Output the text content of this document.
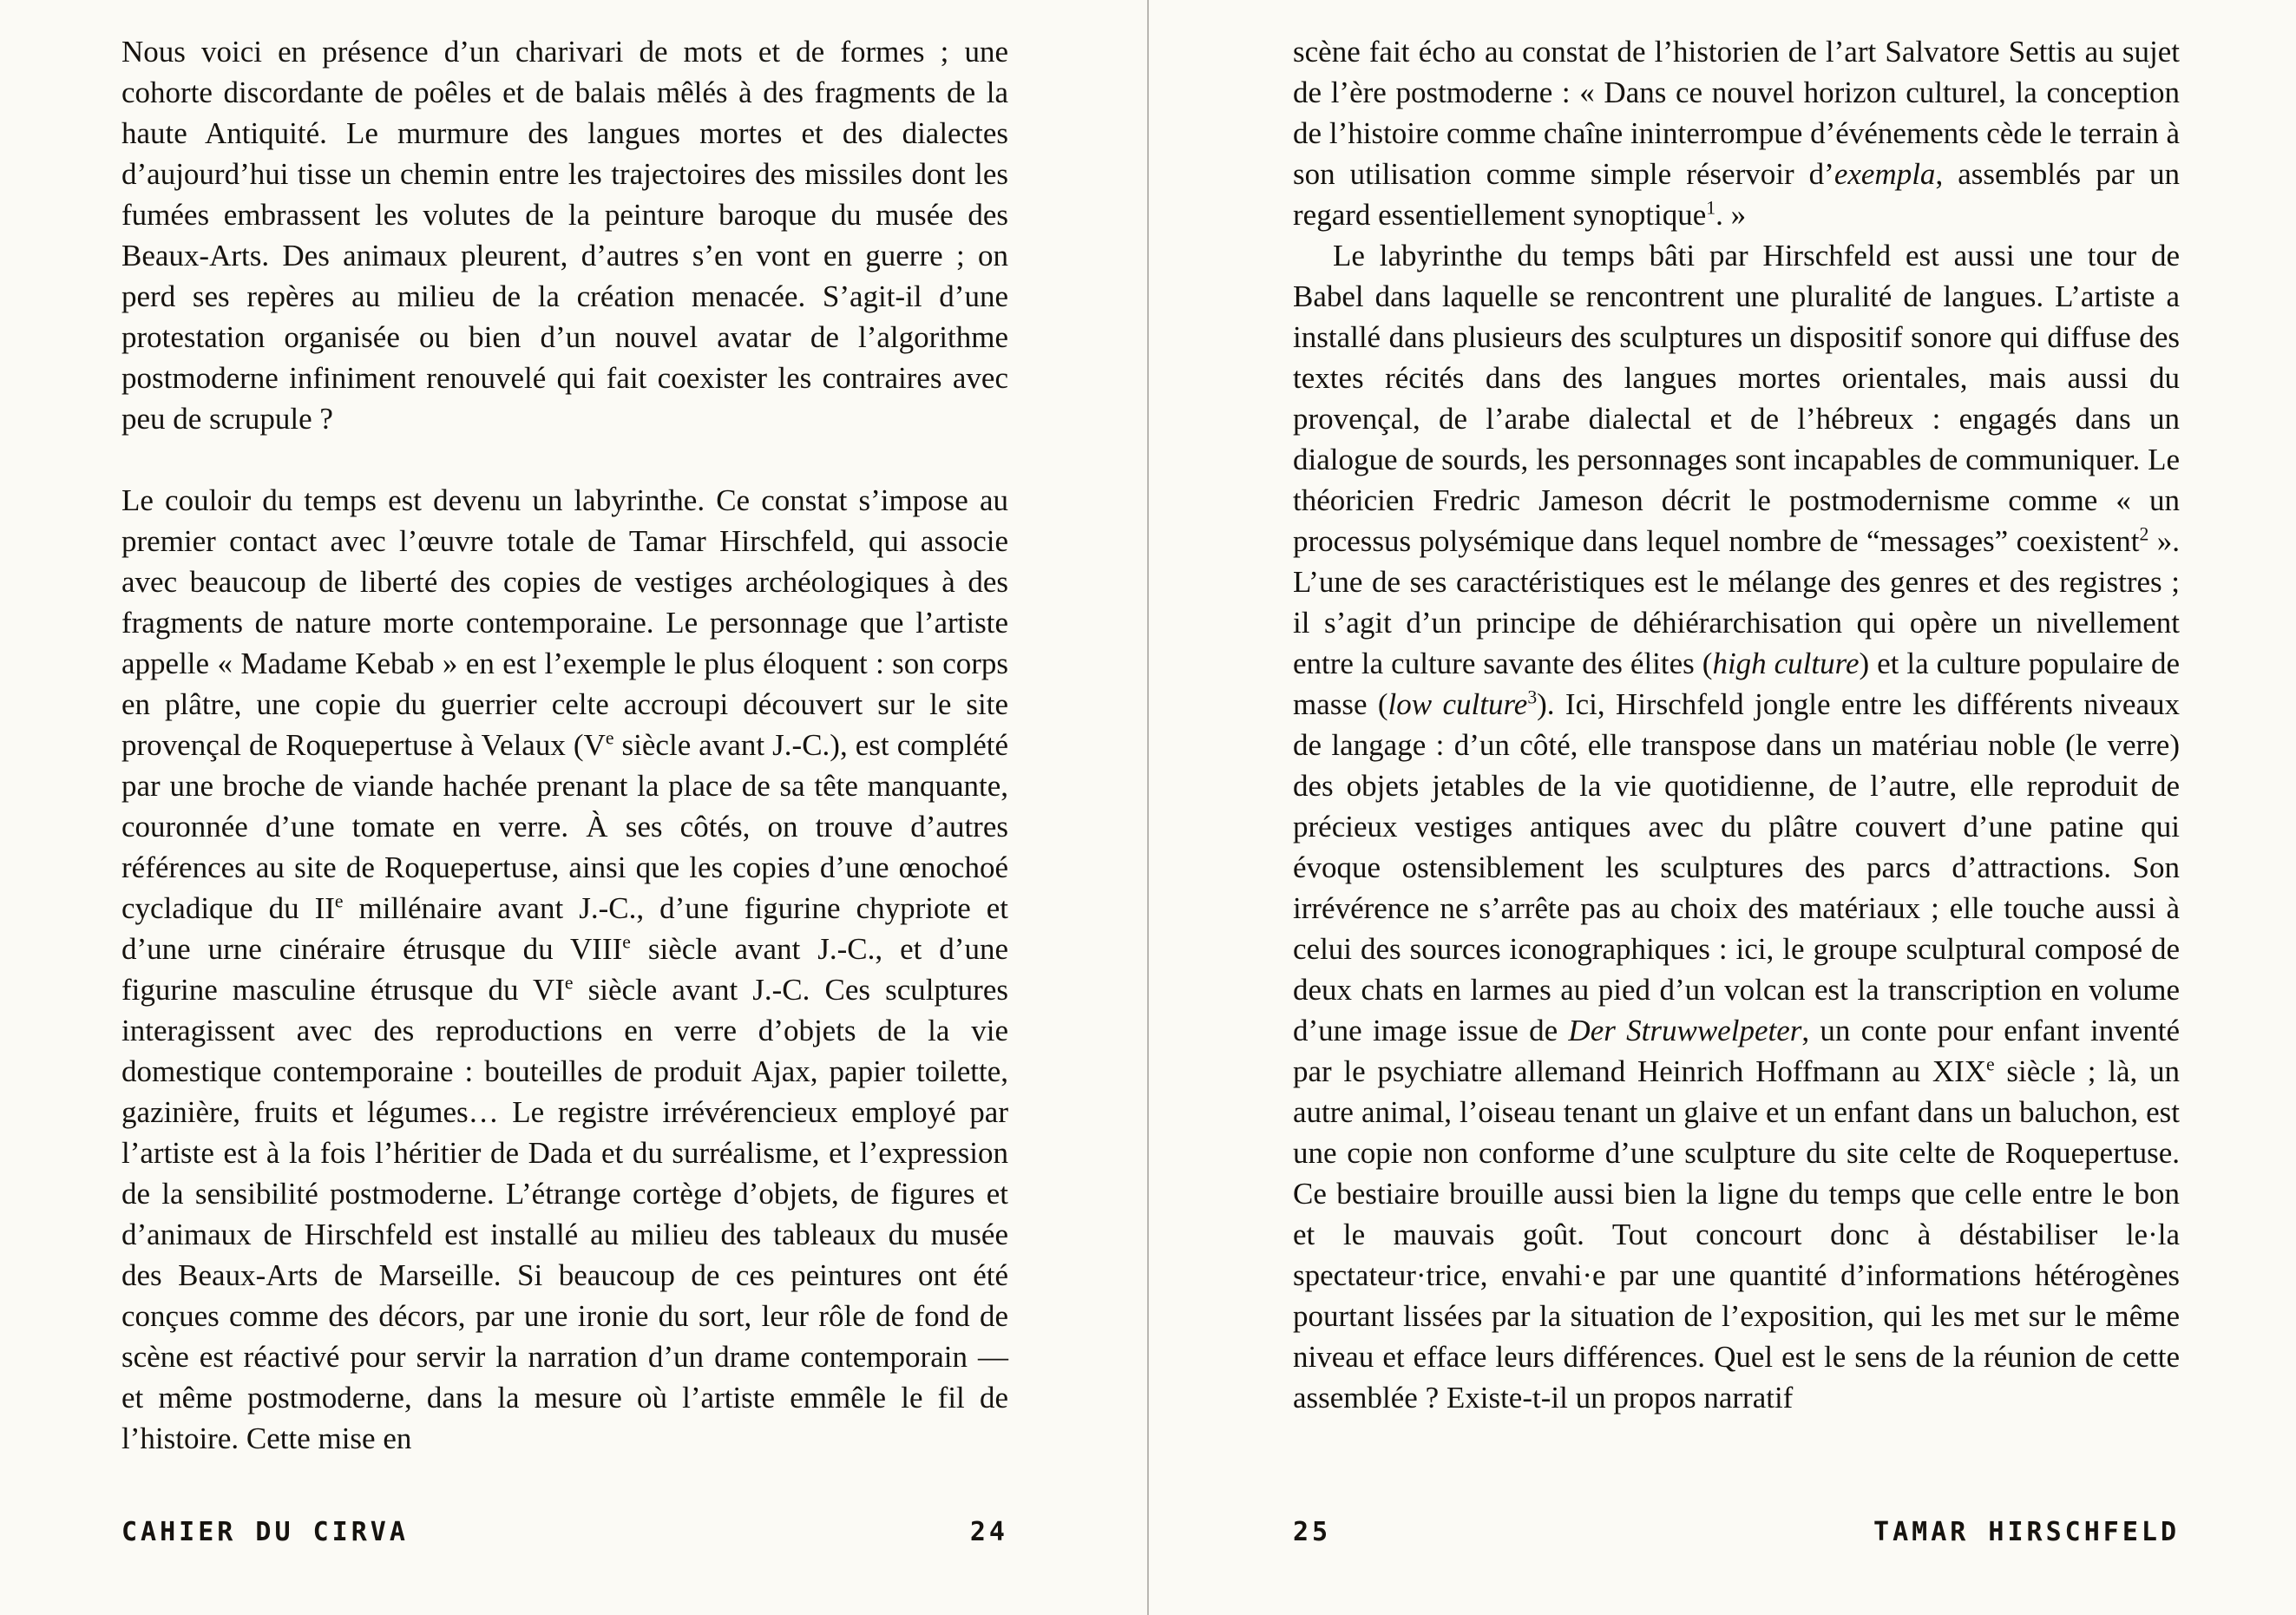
Nous voici en présence d’un charivari de mots et de formes ; une cohorte discordante de poêles et de balais mêlés à des fragments de la haute Antiquité. Le murmure des langues mortes et des dialectes d’aujourd’hui tisse un chemin entre les trajectoires des missiles dont les fumées embrassent les volutes de la peinture baroque du musée des Beaux-Arts. Des animaux pleurent, d’autres s’en vont en guerre ; on perd ses repères au milieu de la création menacée. S’agit-il d’une protestation organisée ou bien d’un nouvel avatar de l’algorithme postmoderne infiniment renouvelé qui fait coexister les contraires avec peu de scrupule ?

Le couloir du temps est devenu un labyrinthe. Ce constat s’impose au premier contact avec l’œuvre totale de Tamar Hirschfeld, qui associe avec beaucoup de liberté des copies de vestiges archéologiques à des fragments de nature morte contemporaine. Le personnage que l’artiste appelle « Madame Kebab » en est l’exemple le plus éloquent : son corps en plâtre, une copie du guerrier celte accroupi découvert sur le site provençal de Roquepertuse à Velaux (Ve siècle avant J.-C.), est complété par une broche de viande hachée prenant la place de sa tête manquante, couronnée d’une tomate en verre. À ses côtés, on trouve d’autres références au site de Roquepertuse, ainsi que les copies d’une œnochoé cycladique du IIe millénaire avant J.-C., d’une figurine chypriote et d’une urne cinéraire étrusque du VIIIe siècle avant J.-C., et d’une figurine masculine étrusque du VIe siècle avant J.-C. Ces sculptures interagissent avec des reproductions en verre d’objets de la vie domestique contemporaine : bouteilles de produit Ajax, papier toilette, gazinière, fruits et légumes… Le registre irrévérencieux employé par l’artiste est à la fois l’héritier de Dada et du surréalisme, et l’expression de la sensibilité postmoderne. L’étrange cortège d’objets, de figures et d’animaux de Hirschfeld est installé au milieu des tableaux du musée des Beaux-Arts de Marseille. Si beaucoup de ces peintures ont été conçues comme des décors, par une ironie du sort, leur rôle de fond de scène est réactivé pour servir la narration d’un drame contemporain — et même postmoderne, dans la mesure où l’artiste emmêle le fil de l’histoire. Cette mise en

CAHIER DU CIRVA	24

scène fait écho au constat de l’historien de l’art Salvatore Settis au sujet de l’ère postmoderne : « Dans ce nouvel horizon culturel, la conception de l’histoire comme chaîne ininterrompue d’événements cède le terrain à son utilisation comme simple réservoir d’exempla, assemblés par un regard essentiellement synoptique$^1$. »

Le labyrinthe du temps bâti par Hirschfeld est aussi une tour de Babel dans laquelle se rencontrent une pluralité de langues. L’artiste a installé dans plusieurs des sculptures un dispositif sonore qui diffuse des textes récités dans des langues mortes orientales, mais aussi du provençal, de l’arabe dialectal et de l’hébreux : engagés dans un dialogue de sourds, les personnages sont incapables de communiquer. Le théoricien Fredric Jameson décrit le postmodernisme comme « un processus polysémique dans lequel nombre de “messages” coexistent$^2$ ». L’une de ses caractéristiques est le mélange des genres et des registres ; il s’agit d’un principe de déhiérarchisation qui opère un nivellement entre la culture savante des élites (high culture) et la culture populaire de masse (low culture$^3$). Ici, Hirschfeld jongle entre les différents niveaux de langage : d’un côté, elle transpose dans un matériau noble (le verre) des objets jetables de la vie quotidienne, de l’autre, elle reproduit de précieux vestiges antiques avec du plâtre couvert d’une patine qui évoque ostensiblement les sculptures des parcs d’attractions. Son irrévérence ne s’arrête pas au choix des matériaux ; elle touche aussi à celui des sources iconographiques : ici, le groupe sculptural composé de deux chats en larmes au pied d’un volcan est la transcription en volume d’une image issue de Der Struwwelpeter, un conte pour enfant inventé par le psychiatre allemand Heinrich Hoffmann au XIXe siècle ; là, un autre animal, l’oiseau tenant un glaive et un enfant dans un baluchon, est une copie non conforme d’une sculpture du site celte de Roquepertuse. Ce bestiaire brouille aussi bien la ligne du temps que celle entre le bon et le mauvais goût. Tout concourt donc à déstabiliser le·la spectateur·trice, envahi·e par une quantité d’informations hétérogènes pourtant lissées par la situation de l’exposition, qui les met sur le même niveau et efface leurs différences. Quel est le sens de la réunion de cette assemblée ? Existe-t-il un propos narratif

25	TAMAR HIRSCHFELD
